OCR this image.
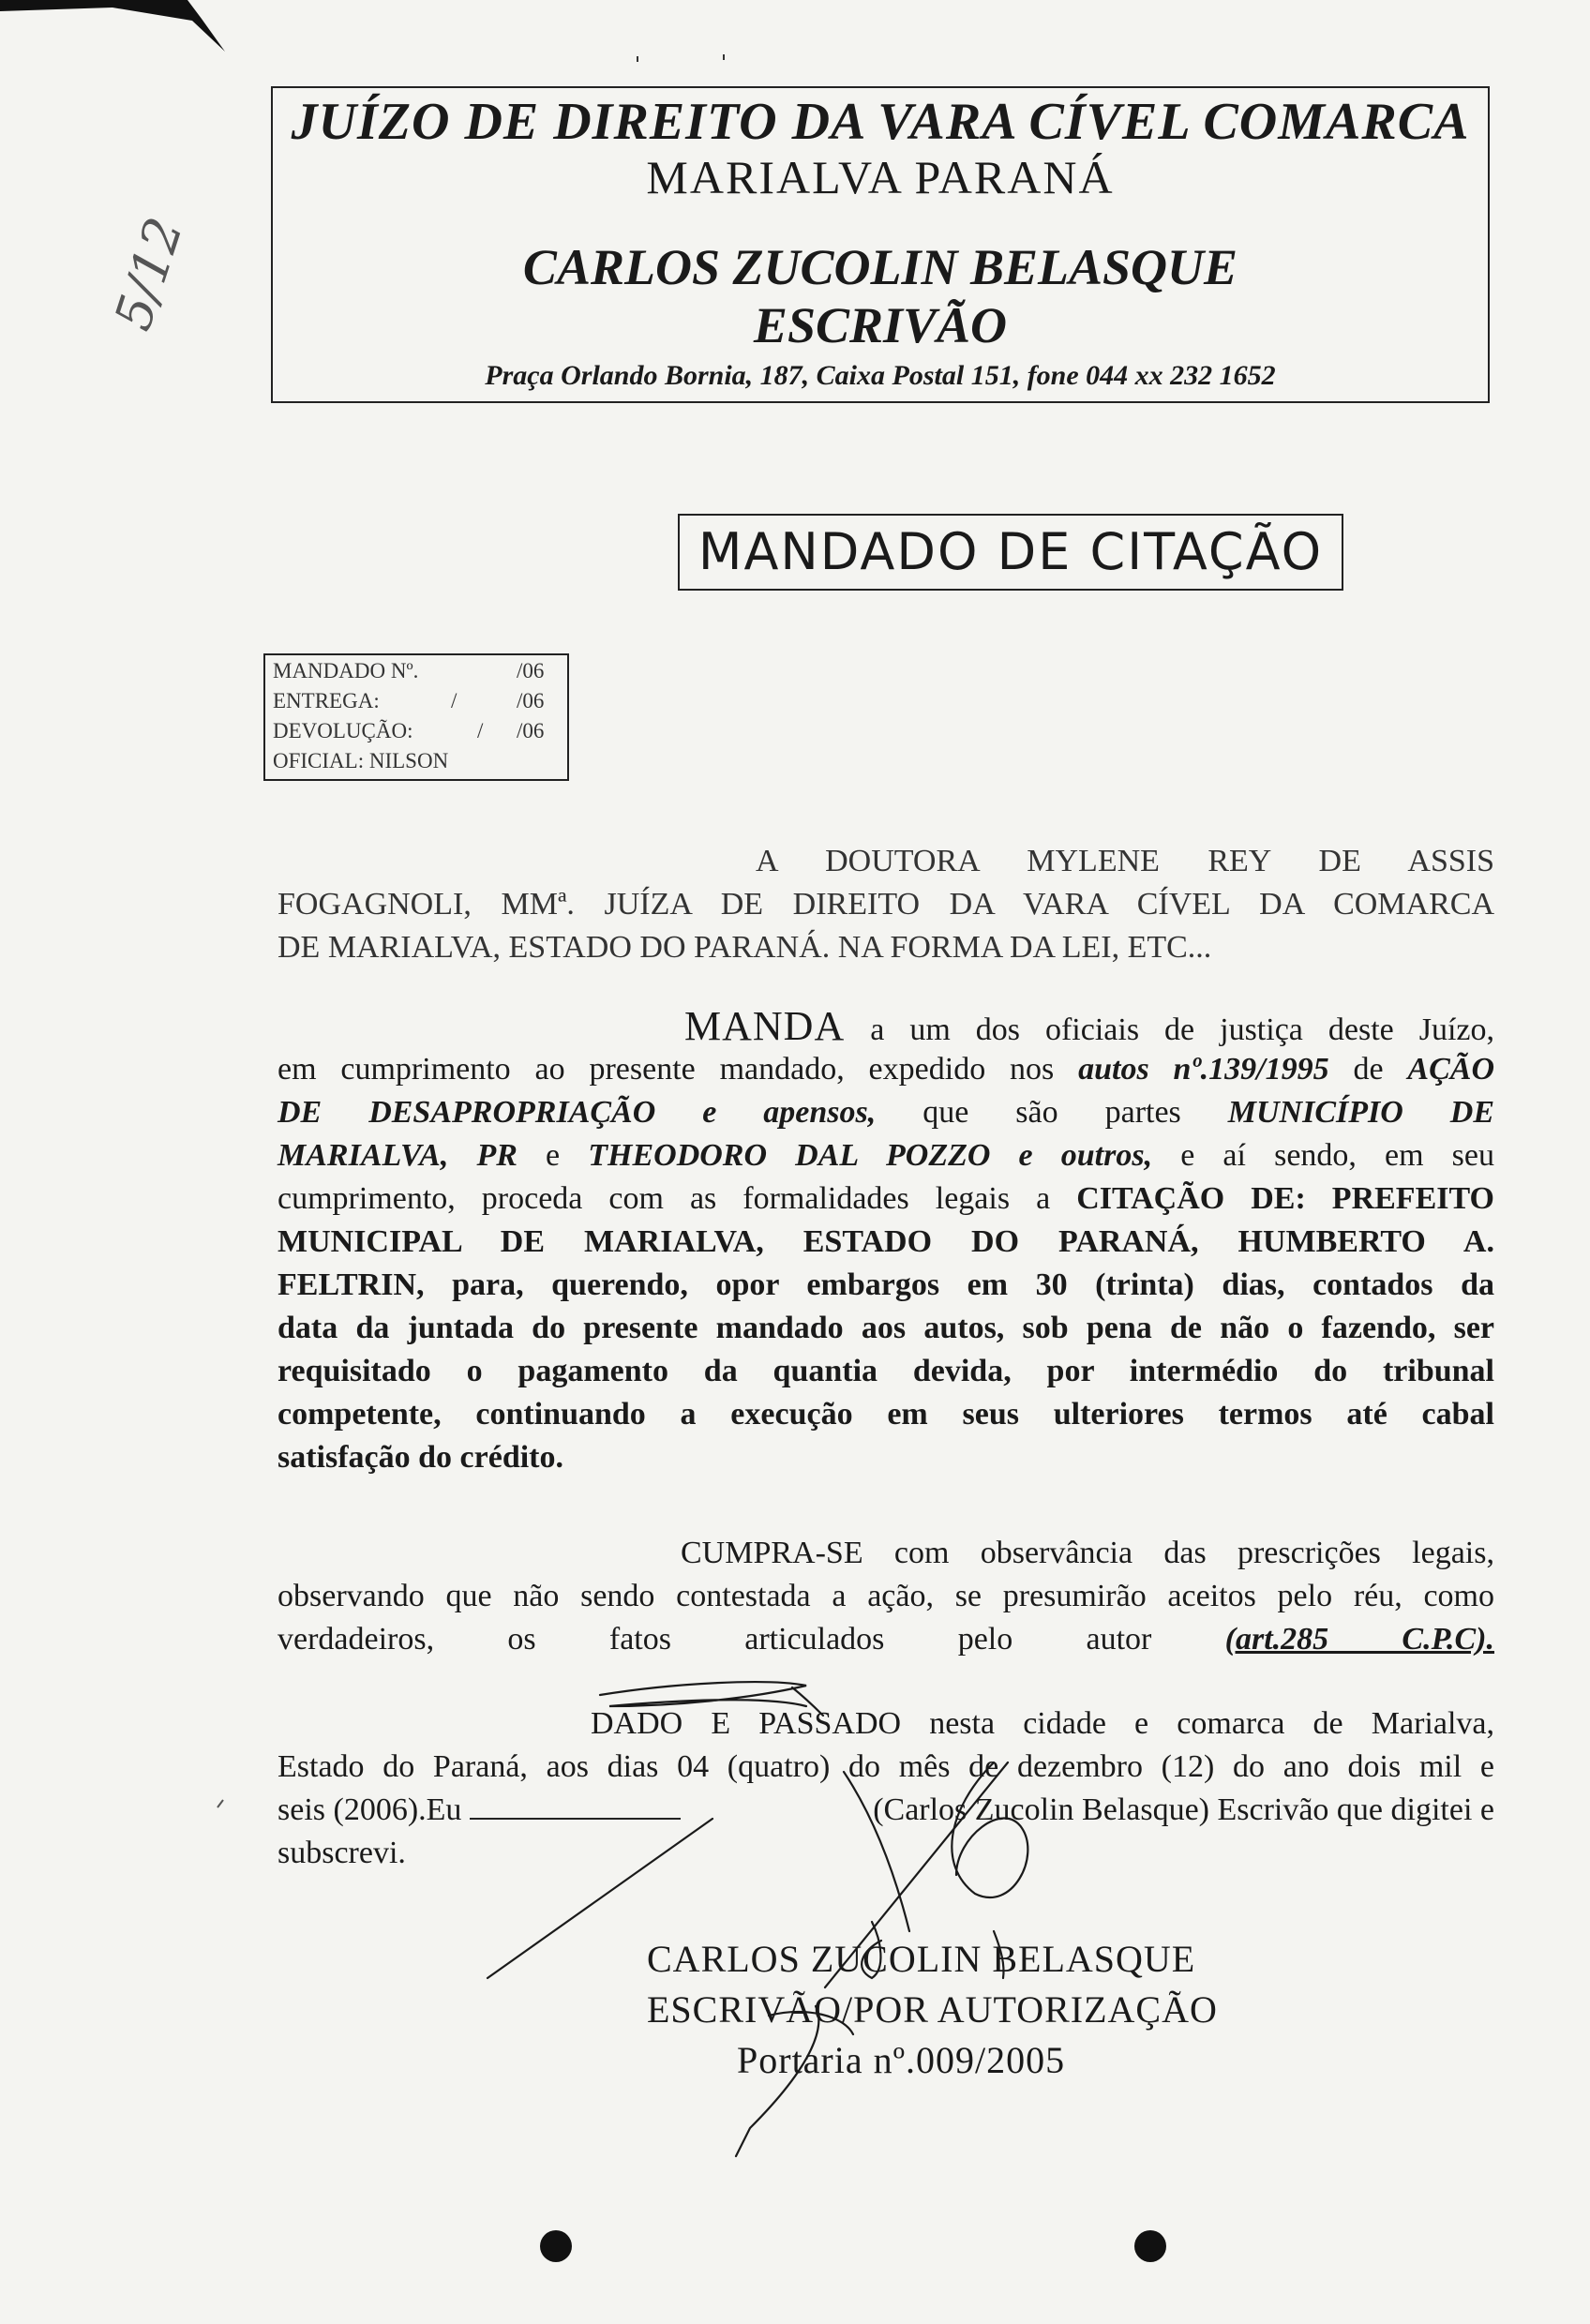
JUÍZO DE DIREITO DA VARA CÍVEL COMARCA
MARIALVA PARANÁ
CARLOS ZUCOLIN BELASQUE
ESCRIVÃO
Praça Orlando Bornia, 187, Caixa Postal 151, fone 044 xx 232 1652
5/12
MANDADO DE CITAÇÃO
MANDADO Nº.	/06
ENTREGA:	/	/06
DEVOLUÇÃO:	/ /06
OFICIAL: NILSON
A DOUTORA MYLENE REY DE ASSIS
FOGAGNOLI, MMª. JUÍZA DE DIREITO DA VARA CÍVEL DA COMARCA
DE MARIALVA, ESTADO DO PARANÁ. NA FORMA DA LEI, ETC...
MANDA a um dos oficiais de justiça deste Juízo,
em cumprimento ao presente mandado, expedido nos autos nº.139/1995 de AÇÃO
DE DESAPROPRIAÇÃO e apensos, que são partes MUNICÍPIO DE
MARIALVA, PR e THEODORO DAL POZZO e outros, e aí sendo, em seu
cumprimento, proceda com as formalidades legais a CITAÇÃO DE: PREFEITO
MUNICIPAL DE MARIALVA, ESTADO DO PARANÁ, HUMBERTO A.
FELTRIN, para, querendo, opor embargos em 30 (trinta) dias, contados da
data da juntada do presente mandado aos autos, sob pena de não o fazendo, ser
requisitado o pagamento da quantia devida, por intermédio do tribunal
competente, continuando a execução em seus ulteriores termos até cabal
satisfação do crédito.
CUMPRA-SE com observância das prescrições legais,
observando que não sendo contestada a ação, se presumirão aceitos pelo réu, como
verdadeiros, os fatos articulados pelo autor (art.285 C.P.C).
DADO E PASSADO nesta cidade e comarca de Marialva,
Estado do Paraná, aos dias 04 (quatro) do mês de dezembro (12) do ano dois mil e
seis (2006).Eu	(Carlos Zucolin Belasque) Escrivão que digitei e
subscrevi.
CARLOS ZUCOLIN BELASQUE
ESCRIVÃO/POR AUTORIZAÇÃO
Portaria nº.009/2005
